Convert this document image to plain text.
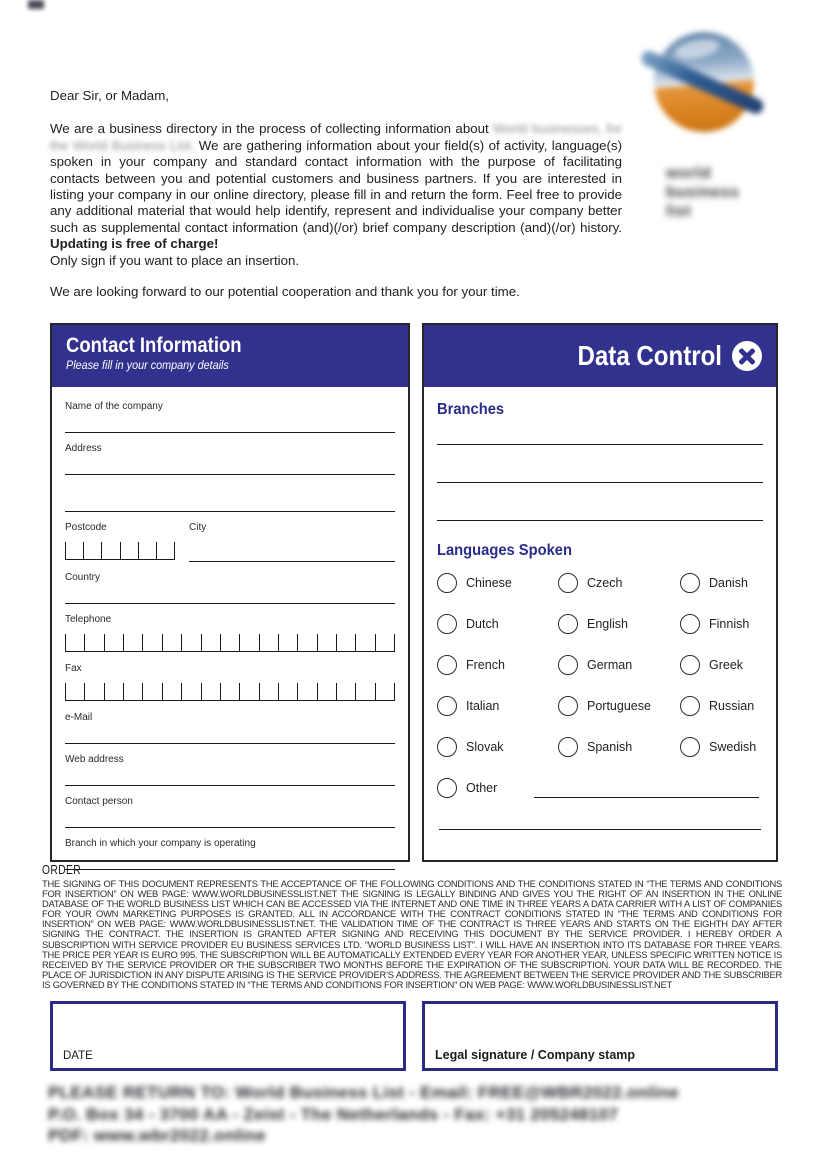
Dear Sir, or Madam,
We are a business directory in the process of collecting information about World businesses, for the World Business List. We are gathering information about your field(s) of activity, language(s) spoken in your company and standard contact information with the purpose of facilitating contacts between you and potential customers and business partners. If you are interested in listing your company in our online directory, please fill in and return the form. Feel free to provide any additional material that would help identify, represent and individualise your company better such as supplemental contact information (and)(/or) brief company description (and)(/or) history. Updating is free of charge!
Only sign if you want to place an insertion.
We are looking forward to our potential cooperation and thank you for your time.
world
business
list
Contact Information
Please fill in your company details
Name of the company
Address
Postcode	City
Country
Telephone
Fax
e-Mail
Web address
Contact person
Branch in which your company is operating
Data Control
Branches
Languages Spoken
Chinese	Czech	Danish
Dutch	English	Finnish
French	German	Greek
Italian	Portuguese	Russian
Slovak	Spanish	Swedish
Other
ORDER
THE SIGNING OF THIS DOCUMENT REPRESENTS THE ACCEPTANCE OF THE FOLLOWING CONDITIONS AND THE CONDITIONS STATED IN “THE TERMS AND CONDITIONS FOR INSERTION” ON WEB PAGE: WWW.WORLDBUSINESSLIST.NET THE SIGNING IS LEGALLY BINDING AND GIVES YOU THE RIGHT OF AN INSERTION IN THE ONLINE DATABASE OF THE WORLD BUSINESS LIST WHICH CAN BE ACCESSED VIA THE INTERNET AND ONE TIME IN THREE YEARS A DATA CARRIER WITH A LIST OF COMPANIES FOR YOUR OWN MARKETING PURPOSES IS GRANTED. ALL IN ACCORDANCE WITH THE CONTRACT CONDITIONS STATED IN “THE TERMS AND CONDITIONS FOR INSERTION” ON WEB PAGE: WWW.WORLDBUSINESSLIST.NET. THE VALIDATION TIME OF THE CONTRACT IS THREE YEARS AND STARTS ON THE EIGHTH DAY AFTER SIGNING THE CONTRACT. THE INSERTION IS GRANTED AFTER SIGNING AND RECEIVING THIS DOCUMENT BY THE SERVICE PROVIDER. I HEREBY ORDER A SUBSCRIPTION WITH SERVICE PROVIDER EU BUSINESS SERVICES LTD. “WORLD BUSINESS LIST”. I WILL HAVE AN INSERTION INTO ITS DATABASE FOR THREE YEARS. THE PRICE PER YEAR IS EURO 995. THE SUBSCRIPTION WILL BE AUTOMATICALLY EXTENDED EVERY YEAR FOR ANOTHER YEAR, UNLESS SPECIFIC WRITTEN NOTICE IS RECEIVED BY THE SERVICE PROVIDER OR THE SUBSCRIBER TWO MONTHS BEFORE THE EXPIRATION OF THE SUBSCRIPTION. YOUR DATA WILL BE RECORDED. THE PLACE OF JURISDICTION IN ANY DISPUTE ARISING IS THE SERVICE PROVIDER’S ADDRESS. THE AGREEMENT BETWEEN THE SERVICE PROVIDER AND THE SUBSCRIBER IS GOVERNED BY THE CONDITIONS STATED IN “THE TERMS AND CONDITIONS FOR INSERTION” ON WEB PAGE: WWW.WORLDBUSINESSLIST.NET
DATE	Legal signature / Company stamp
PLEASE RETURN TO: World Business List - Email: FREE@WBR2022.online
P.O. Box 34 - 3700 AA - Zeist - The Netherlands - Fax: +31 205248107
PDF: www.wbr2022.online
